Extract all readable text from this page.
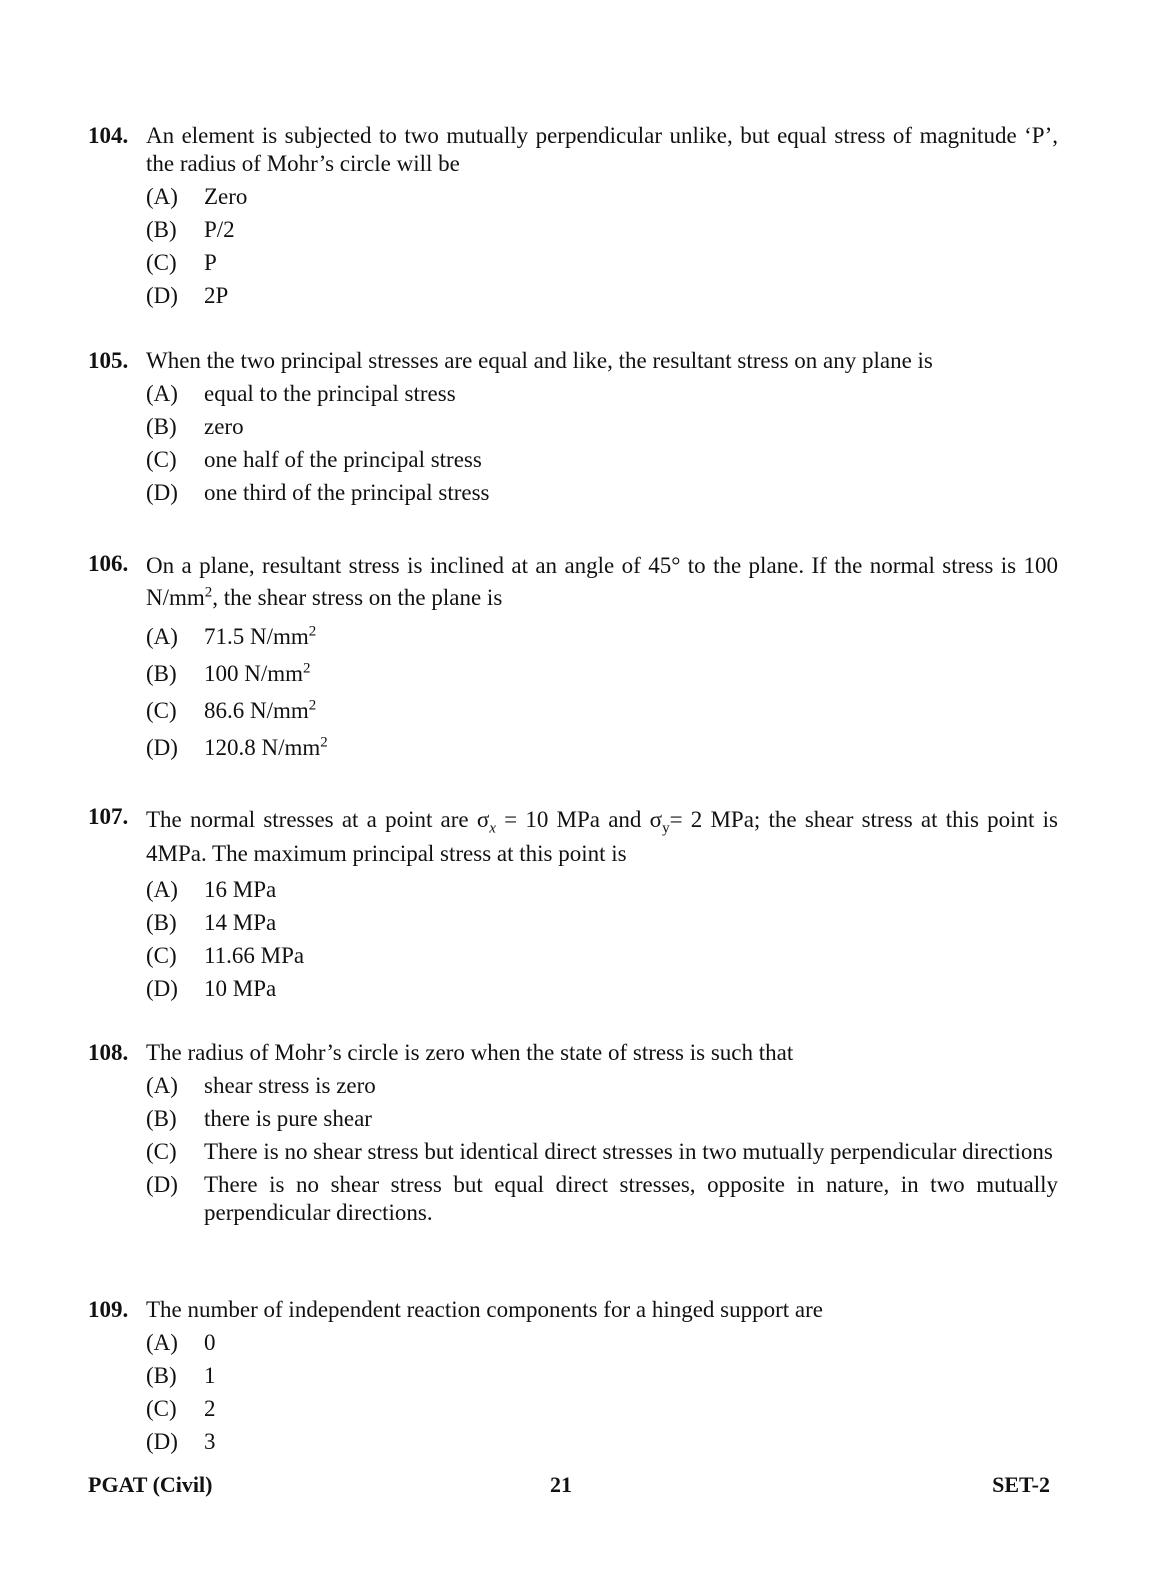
104. An element is subjected to two mutually perpendicular unlike, but equal stress of magnitude ‘P’, the radius of Mohr’s circle will be
(A)	Zero
(B)	P/2
(C)	P
(D)	2P
105. When the two principal stresses are equal and like, the resultant stress on any plane is
(A)	equal to the principal stress
(B)	zero
(C)	one half of the principal stress
(D)	one third of the principal stress
106. On a plane, resultant stress is inclined at an angle of 45° to the plane. If the normal stress is 100 $N/mm^2$, the shear stress on the plane is
(A)	71.5 $N/mm^2$
(B)	100 $N/mm^2$
(C)	86.6 $N/mm^2$
(D)	120.8 $N/mm^2$
107. The normal stresses at a point are $\sigma_x = 10$ MPa and $\sigma_y= 2$ MPa; the shear stress at this point is 4MPa. The maximum principal stress at this point is
(A)	16 MPa
(B)	14 MPa
(C)	11.66 MPa
(D)	10 MPa
108. The radius of Mohr’s circle is zero when the state of stress is such that
(A)	shear stress is zero
(B)	there is pure shear
(C)	There is no shear stress but identical direct stresses in two mutually perpendicular directions
(D)	There is no shear stress but equal direct stresses, opposite in nature, in two mutually perpendicular directions.
109. The number of independent reaction components for a hinged support are
(A)	0
(B)	1
(C)	2
(D)	3
PGAT (Civil)	21	SET-2
